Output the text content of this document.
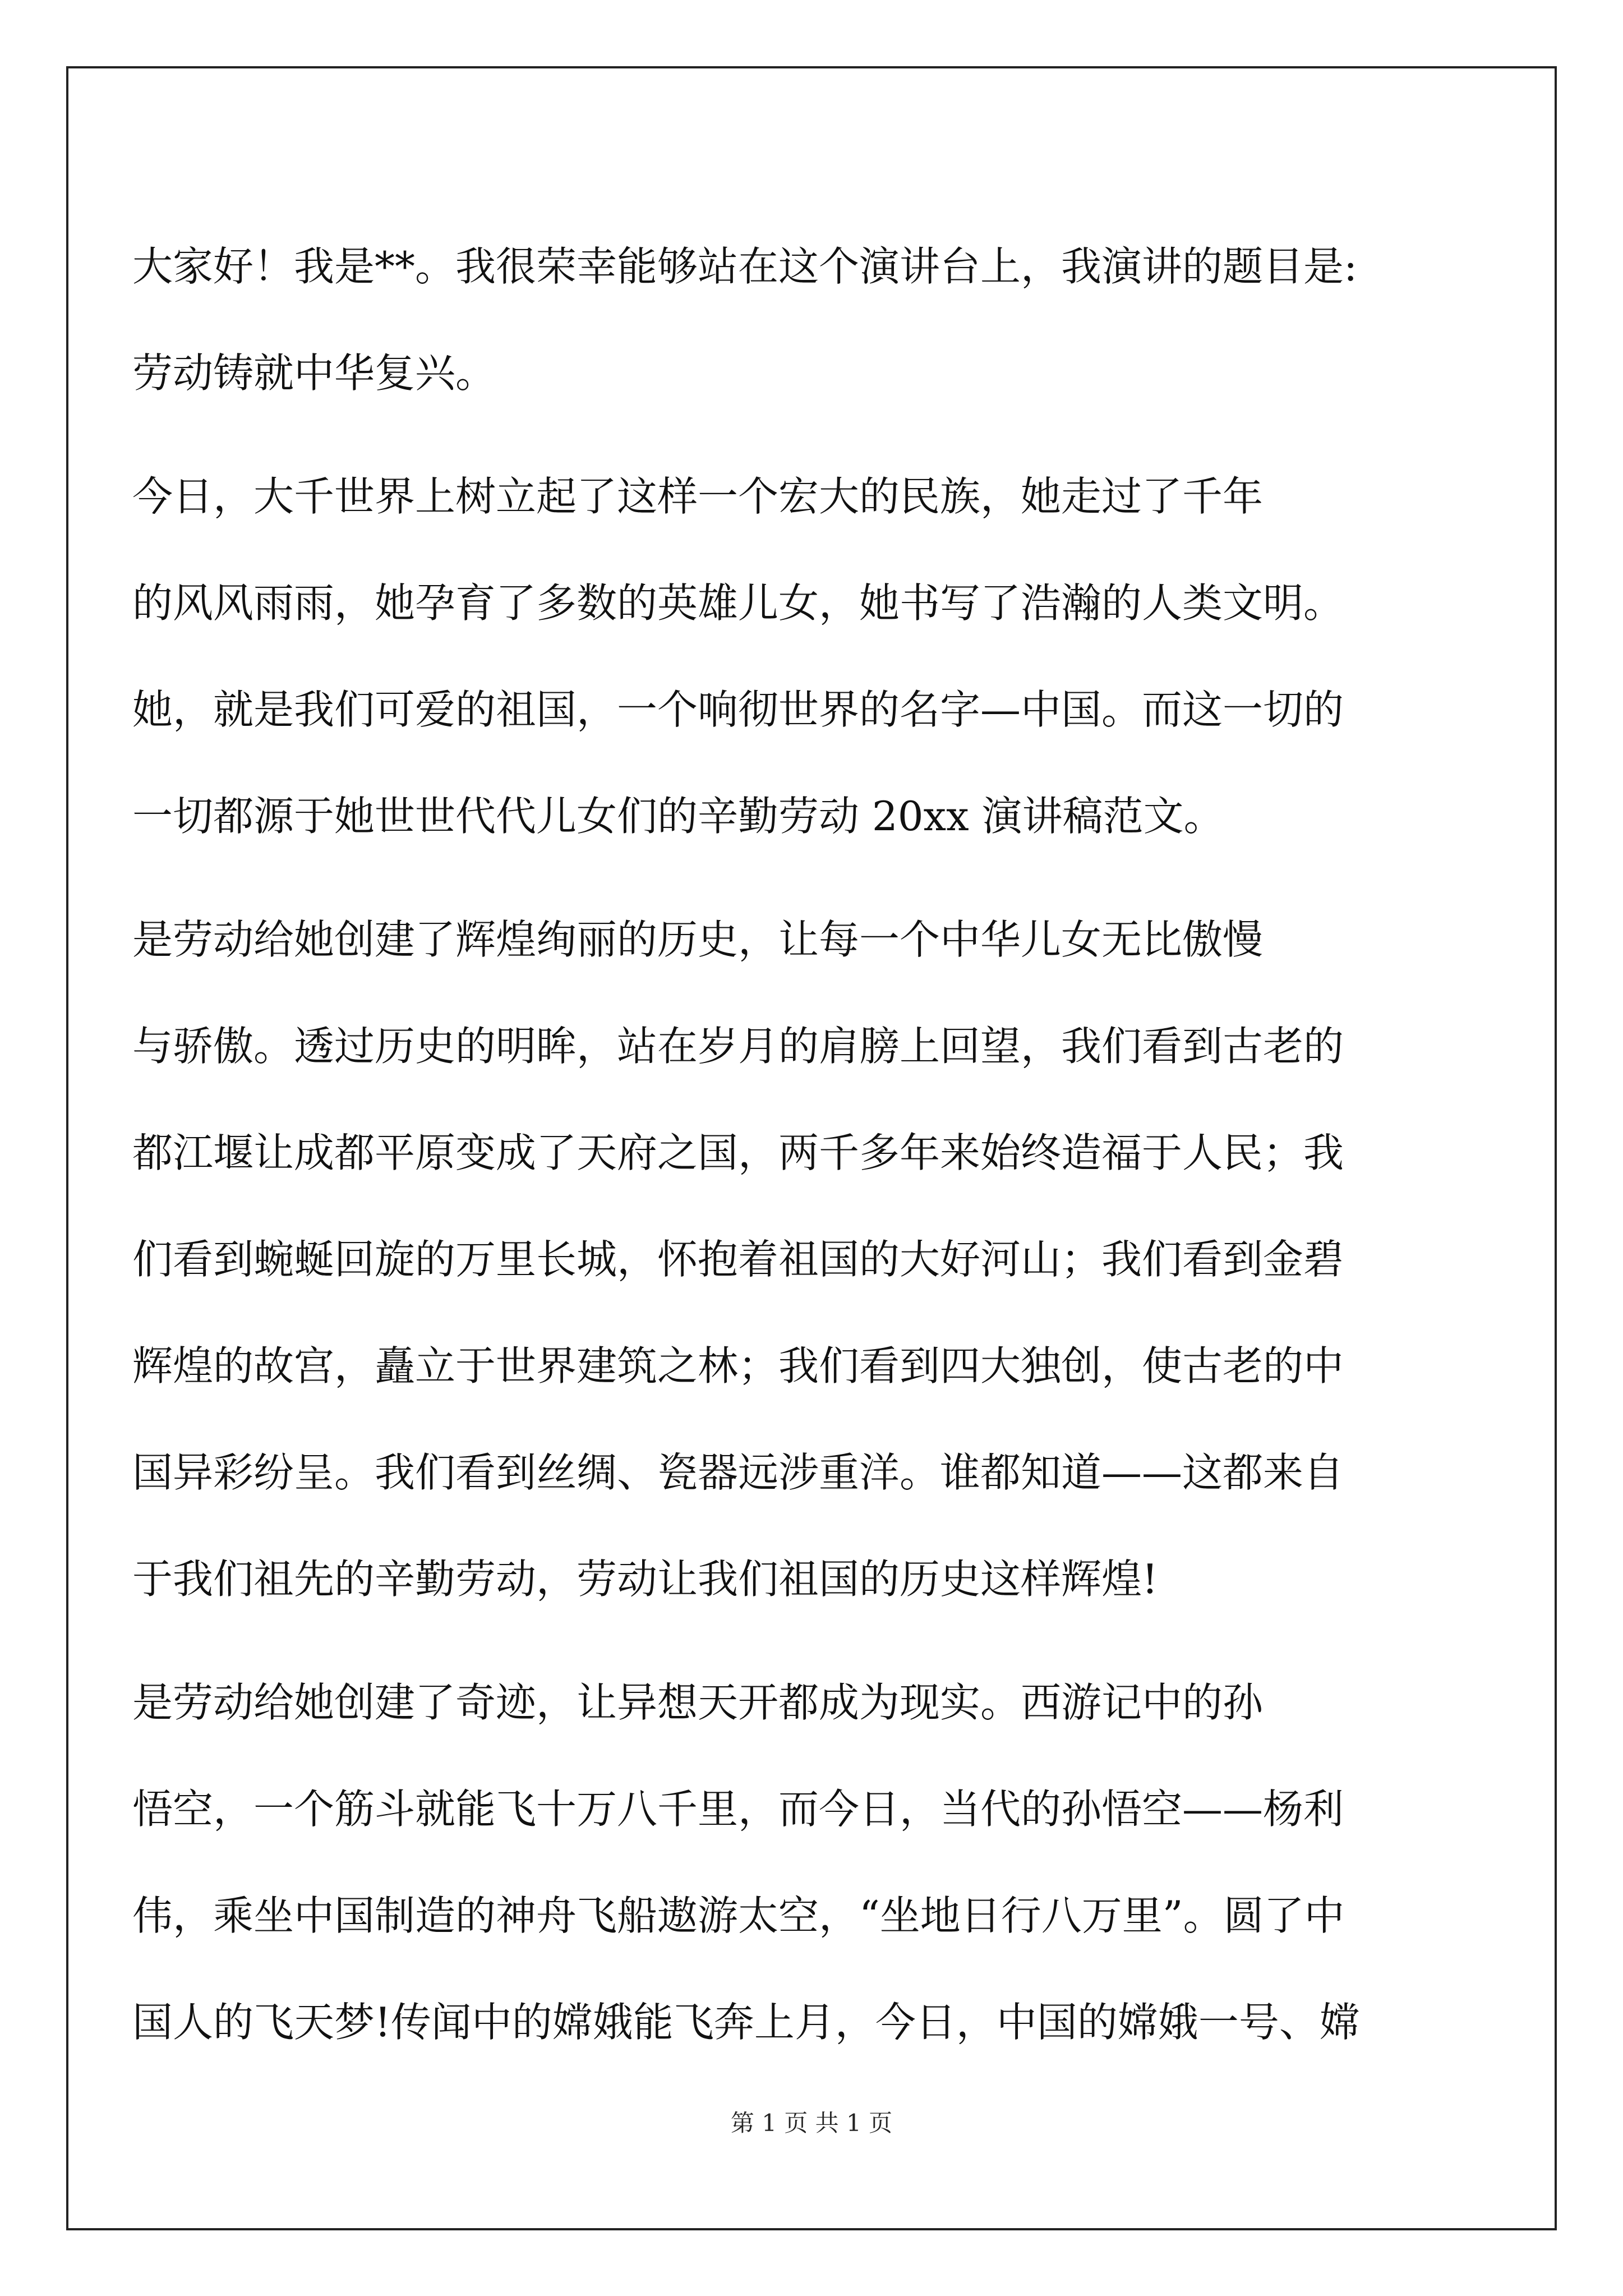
大家好！我是**。我很荣幸能够站在这个演讲台上，我演讲的题目是:
劳动铸就中华复兴。
今日，大千世界上树立起了这样一个宏大的民族，她走过了千年
的风风雨雨，她孕育了多数的英雄儿女，她书写了浩瀚的人类文明。
她，就是我们可爱的祖国，一个响彻世界的名字—中国。而这一切的
一切都源于她世世代代儿女们的辛勤劳动 20xx 演讲稿范文。
是劳动给她创建了辉煌绚丽的历史，让每一个中华儿女无比傲慢
与骄傲。透过历史的明眸，站在岁月的肩膀上回望，我们看到古老的
都江堰让成都平原变成了天府之国，两千多年来始终造福于人民；我
们看到蜿蜒回旋的万里长城，怀抱着祖国的大好河山；我们看到金碧
辉煌的故宫，矗立于世界建筑之林；我们看到四大独创，使古老的中
国异彩纷呈。我们看到丝绸、瓷器远涉重洋。谁都知道——这都来自
于我们祖先的辛勤劳动，劳动让我们祖国的历史这样辉煌!
是劳动给她创建了奇迹，让异想天开都成为现实。西游记中的孙
悟空，一个筋斗就能飞十万八千里，而今日，当代的孙悟空——杨利
伟，乘坐中国制造的神舟飞船遨游太空，“坐地日行八万里”。圆了中
国人的飞天梦!传闻中的嫦娥能飞奔上月，今日，中国的嫦娥一号、嫦
第 1 页 共 1 页
